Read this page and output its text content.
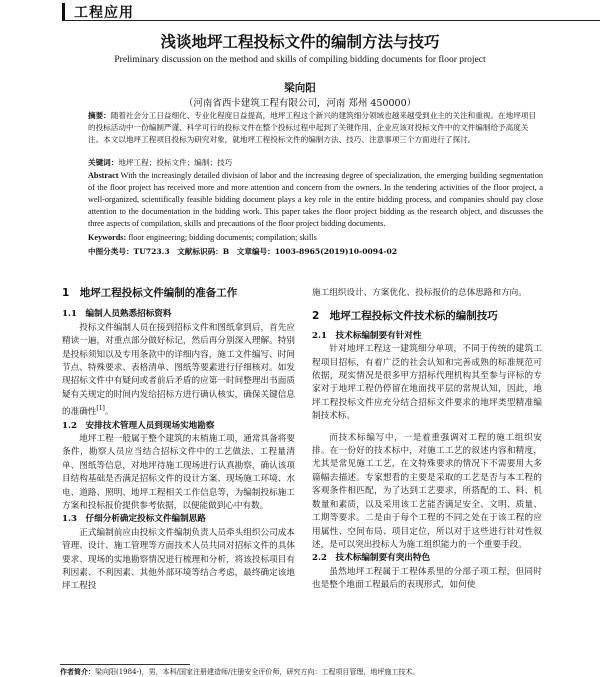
工程应用
浅谈地坪工程投标文件的编制方法与技巧
Preliminary discussion on the method and skills of compiling bidding documents for floor project
梁向阳
（河南省西卡建筑工程有限公司，河南 郑州 450000）
摘要：随着社会分工日益细化、专业化程度日益提高，地坪工程这个新兴的建筑细分领域也越来越受到业主的关注和重视。在地坪项目的投标活动中一份编制严谨、科学可行的投标文件在整个投标过程中起到了关键作用，企业应该对投标文件中的文件编制给予高度关注。本文以地坪工程项目投标为研究对象，就地坪工程投标文件的编制方法、技巧、注意事项三个方面进行了探讨。
关键词：地坪工程；投标文件；编制；技巧
Abstract With the increasingly detailed division of labor and the increasing degree of specialization, the emerging building segmentation of the floor project has received more and more attention and concern from the owners. In the tendering activities of the floor project, a well-organized, scientifically feasible bidding document plays a key role in the entire bidding process, and companies should pay close attention to the documentation in the bidding work. This paper takes the floor project bidding as the research object, and discusses the three aspects of compilation, skills and precautions of the floor project bidding documents.
Keywords: floor engineering; bidding documents; compilation; skills
中图分类号：TU723.3　文献标识码：B　文章编号：1003-8965(2019)10-0094-02

1　地坪工程投标文件编制的准备工作

1.1　编制人员熟悉招标资料

投标文件编制人员在接到招标文件和图纸拿到后，首先应精读一遍，对重点部分做好标记，然后再分别深入理解。特别是投标须知以及专用条款中的详细内容，施工文件编写、时间节点、特殊要求、表格清单、图纸等要素进行仔细核对。如发现招标文件中有疑问或者前后矛盾的应第一时间整理出书面质疑有关规定的时间内发给招标方进行确认核实，确保关键信息的准确性[1]。

1.2　安排技术管理人员到现场实地勘察

地坪工程一般属于整个建筑的末梢施工项，通常具备将要条件，勘察人员应当结合招标文件中的工艺做法、工程量清单、图纸等信息，对地坪待施工现场进行认真勘察，确认该项目结构基础是否满足招标文件的设计方案、现场施工环境、水电、道路、照明、地坪工程相关工作信息等，为编制投标施工方案和投标报价提供参考依据，以便能做到心中有数。

1.3　仔细分析确定投标文件编制思路

正式编制前应由投标文件编制负责人员牵头组织公司成本管理、设计、施工管理等方面技术人员共同对招标文件的具体要求、现场的实地勘察情况进行梳理和分析，将该投标项目有利因素、不利因素、其他外部环境等结合考虑，最终确定该地坪工程投

施工组织设计、方案优化、投标报价的总体思路和方向。

2　地坪工程投标文件技术标的编制技巧

2.1　技术标编制要有针对性

针对地坪工程这一建筑细分单项，不同于传统的建筑工程项目招标，有着广泛的社会认知和完善成熟的标准规范可依据，现实情况是很多甲方招标代理机构其至参与评标的专家对于地坪工程仍停留在地面找平层的常规认知，因此，地坪工程投标文件应充分结合招标文件要求的地坪类型精准编制技术标。

而技术标编写中，一是着重强调对工程的施工组织安排。在一份好的技术标中，对施工工艺的叙述内容和精度，尤其是常见施工工艺，在文特殊要求的情况下不需要用大多篇幅去描述。专家想看的主要是采取的工艺是否与本工程的客观条件相匹配，为了达到工艺要求，所搭配的工、料、机数量和素质，以及采用该工艺能否满足安全、文明、质量、工期等要求。二是由于每个工程的不同之处在于该工程的应用属性、空间布局、项目定位，所以对于这些进行针对性叙述，是可以突出投标人为施工组织能力的一个重要手段。

2.2　技术标编制要有突出特色

虽然地坪工程属于工程体系里的分部子项工程，但同时也是整个地面工程最后的表现形式，如何使

作者简介：梁向阳(1984-)，男，本科/国家注册建造师/注册安全评价师，研究方向：工程项目管理，地坪施工技术。
